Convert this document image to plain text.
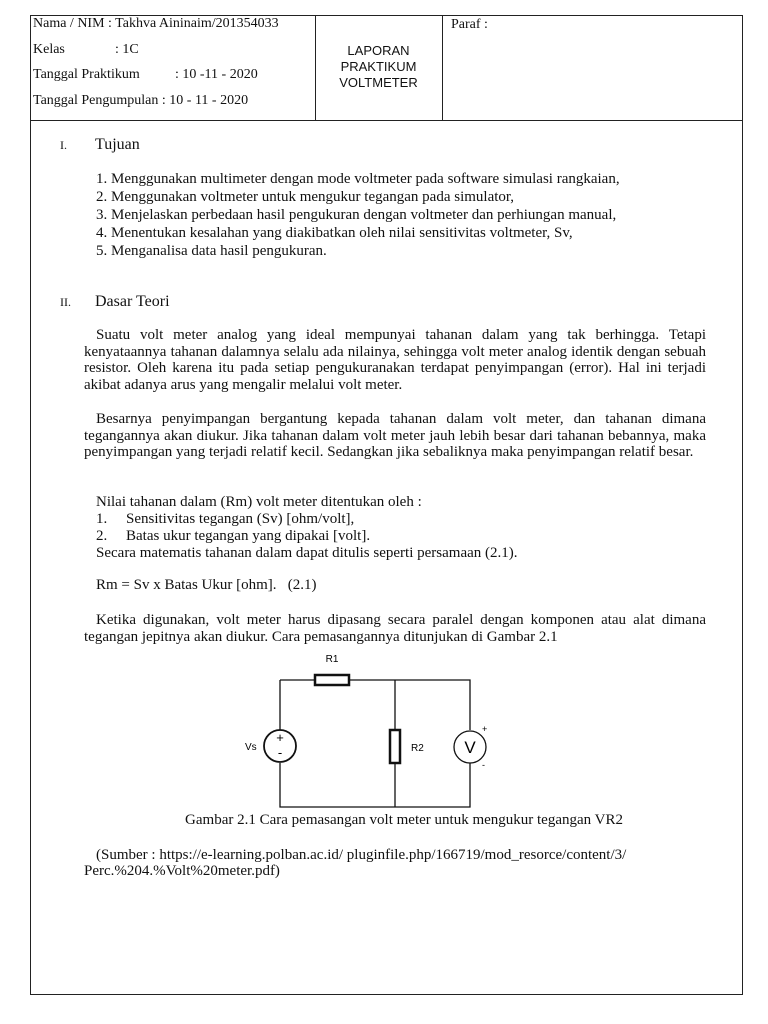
Nama / NIM : Takhva Aininaim/201354033
Kelas	: 1C
Tanggal Praktikum	: 10 -11 - 2020
Tanggal Pengumpulan : 10 - 11 - 2020
LAPORAN
PRAKTIKUM
VOLTMETER
Paraf :
I. Tujuan
1. Menggunakan multimeter dengan mode voltmeter pada software simulasi rangkaian,
2. Menggunakan voltmeter untuk mengukur tegangan pada simulator,
3. Menjelaskan perbedaan hasil pengukuran dengan voltmeter dan perhiungan manual,
4. Menentukan kesalahan yang diakibatkan oleh nilai sensitivitas voltmeter, Sv,
5. Menganalisa data hasil pengukuran.
II. Dasar Teori
Suatu volt meter analog yang ideal mempunyai tahanan dalam yang tak berhingga. Tetapi kenyataannya tahanan dalamnya selalu ada nilainya, sehingga volt meter analog identik dengan sebuah resistor. Oleh karena itu pada setiap pengukuranakan terdapat penyimpangan (error). Hal ini terjadi akibat adanya arus yang mengalir melalui volt meter.
Besarnya penyimpangan bergantung kepada tahanan dalam volt meter, dan tahanan dimana tegangannya akan diukur. Jika tahanan dalam volt meter jauh lebih besar dari tahanan bebannya, maka penyimpangan yang terjadi relatif kecil. Sedangkan jika sebaliknya maka penyimpangan relatif besar.
Nilai tahanan dalam (Rm) volt meter ditentukan oleh :
1.     Sensitivitas tegangan (Sv) [ohm/volt],
2.     Batas ukur tegangan yang dipakai [volt].
Secara matematis tahanan dalam dapat ditulis seperti persamaan (2.1).
Rm = Sv x Batas Ukur [ohm].   (2.1)
Ketika digunakan, volt meter harus dipasang secara paralel dengan komponen atau alat dimana tegangan jepitnya akan diukur. Cara pemasangannya ditunjukan di Gambar 2.1
R1
R2
+
-
Vs	V
+
-
Gambar 2.1 Cara pemasangan volt meter untuk mengukur tegangan VR2
(Sumber : https://e-learning.polban.ac.id/ pluginfile.php/166719/mod_resorce/content/3/
Perc.%204.%Volt%20meter.pdf)
